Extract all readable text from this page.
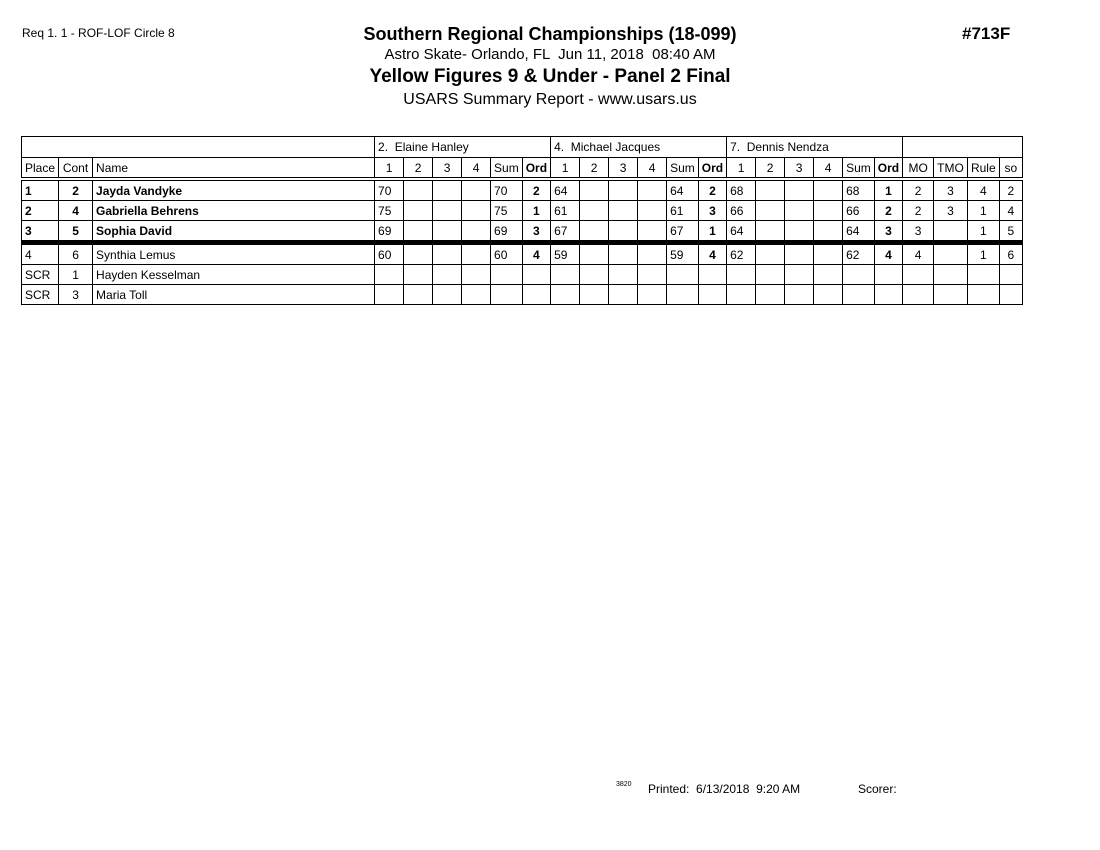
Req 1. 1 - ROF-LOF Circle 8	#713F
Southern Regional Championships (18-099)
Astro Skate- Orlando, FL  Jun 11, 2018  08:40 AM
Yellow Figures 9 & Under - Panel 2 Final
USARS Summary Report - www.usars.us
			2.  Elaine Hanley						4.  Michael Jacques						7.  Dennis Nendza									
Place	Cont	Name	1	2	3	4	Sum	Ord	1	2	3	4	Sum	Ord	1	2	3	4	Sum	Ord	MO	TMO	Rule	so
1	2	Jayda Vandyke	70				70	2	64				64	2	68				68	1	2	3	4	2
2	4	Gabriella Behrens	75				75	1	61				61	3	66				66	2	2	3	1	4
3	5	Sophia David	69				69	3	67				67	1	64				64	3	3		1	5
4	6	Synthia Lemus	60				60	4	59				59	4	62				62	4	4		1	6
SCR	1	Hayden Kesselman																						
SCR	3	Maria Toll																						
3820 Printed:  6/13/2018  9:20 AM	Scorer:
